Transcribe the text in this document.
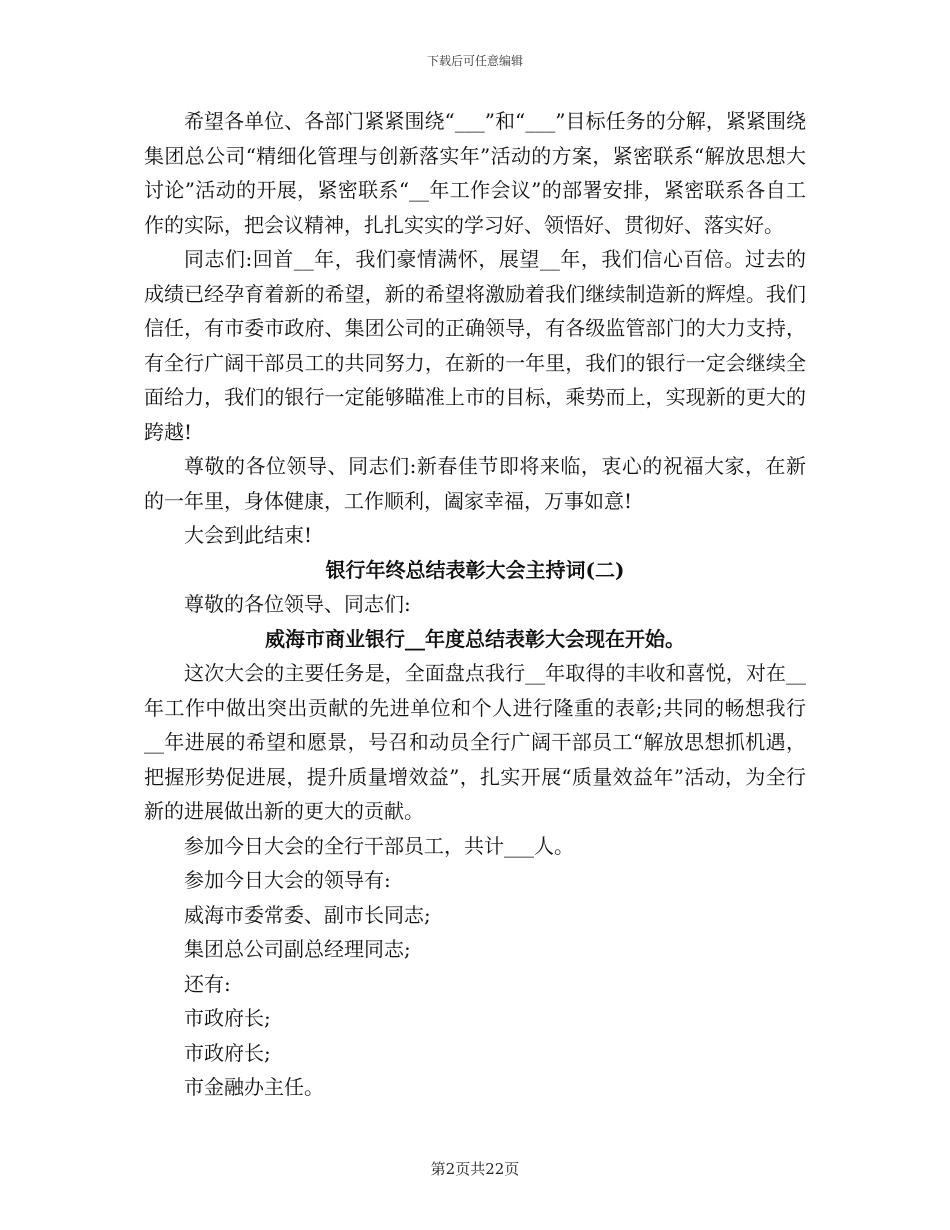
下载后可任意编辑

希望各单位、各部门紧紧围绕“___”和“___”目标任务的分解，紧紧围绕集团总公司“精细化管理与创新落实年”活动的方案，紧密联系“解放思想大讨论”活动的开展，紧密联系“__年工作会议”的部署安排，紧密联系各自工作的实际，把会议精神，扎扎实实的学习好、领悟好、贯彻好、落实好。

同志们:回首__年，我们豪情满怀，展望__年，我们信心百倍。过去的成绩已经孕育着新的希望，新的希望将激励着我们继续制造新的辉煌。我们信任，有市委市政府、集团公司的正确领导，有各级监管部门的大力支持，有全行广阔干部员工的共同努力，在新的一年里，我们的银行一定会继续全面给力，我们的银行一定能够瞄准上市的目标，乘势而上，实现新的更大的跨越!

尊敬的各位领导、同志们:新春佳节即将来临，衷心的祝福大家，在新的一年里，身体健康，工作顺利，阖家幸福，万事如意!

大会到此结束!

银行年终总结表彰大会主持词(二)

尊敬的各位领导、同志们:

威海市商业银行__年度总结表彰大会现在开始。

这次大会的主要任务是，全面盘点我行__年取得的丰收和喜悦，对在__年工作中做出突出贡献的先进单位和个人进行隆重的表彰;共同的畅想我行__年进展的希望和愿景，号召和动员全行广阔干部员工“解放思想抓机遇，把握形势促进展，提升质量增效益”，扎实开展“质量效益年”活动，为全行新的进展做出新的更大的贡献。

参加今日大会的全行干部员工，共计___人。

参加今日大会的领导有:

威海市委常委、副市长同志;

集团总公司副总经理同志;

还有:

市政府长;

市政府长;

市金融办主任。

第2页共22页
